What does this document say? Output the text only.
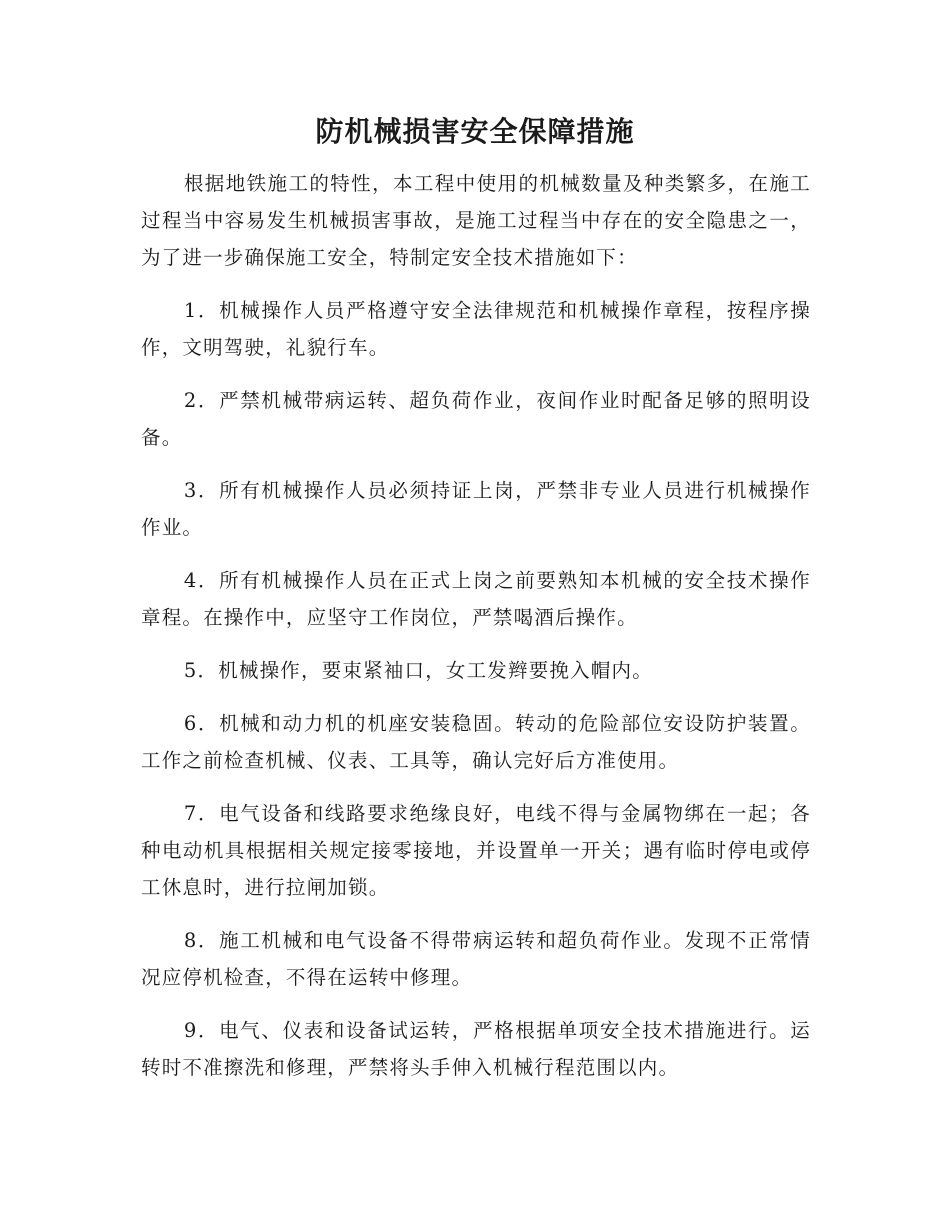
防机械损害安全保障措施

根据地铁施工的特性，本工程中使用的机械数量及种类繁多，在施工过程当中容易发生机械损害事故，是施工过程当中存在的安全隐患之一，为了进一步确保施工安全，特制定安全技术措施如下：

1．机械操作人员严格遵守安全法律规范和机械操作章程，按程序操作，文明驾驶，礼貌行车。

2．严禁机械带病运转、超负荷作业，夜间作业时配备足够的照明设备。

3．所有机械操作人员必须持证上岗，严禁非专业人员进行机械操作作业。

4．所有机械操作人员在正式上岗之前要熟知本机械的安全技术操作章程。在操作中，应坚守工作岗位，严禁喝酒后操作。

5．机械操作，要束紧袖口，女工发辫要挽入帽内。

6．机械和动力机的机座安装稳固。转动的危险部位安设防护装置。工作之前检查机械、仪表、工具等，确认完好后方准使用。

7．电气设备和线路要求绝缘良好，电线不得与金属物绑在一起；各种电动机具根据相关规定接零接地，并设置单一开关；遇有临时停电或停工休息时，进行拉闸加锁。

8．施工机械和电气设备不得带病运转和超负荷作业。发现不正常情况应停机检查，不得在运转中修理。

9．电气、仪表和设备试运转，严格根据单项安全技术措施进行。运转时不准擦洗和修理，严禁将头手伸入机械行程范围以内。
